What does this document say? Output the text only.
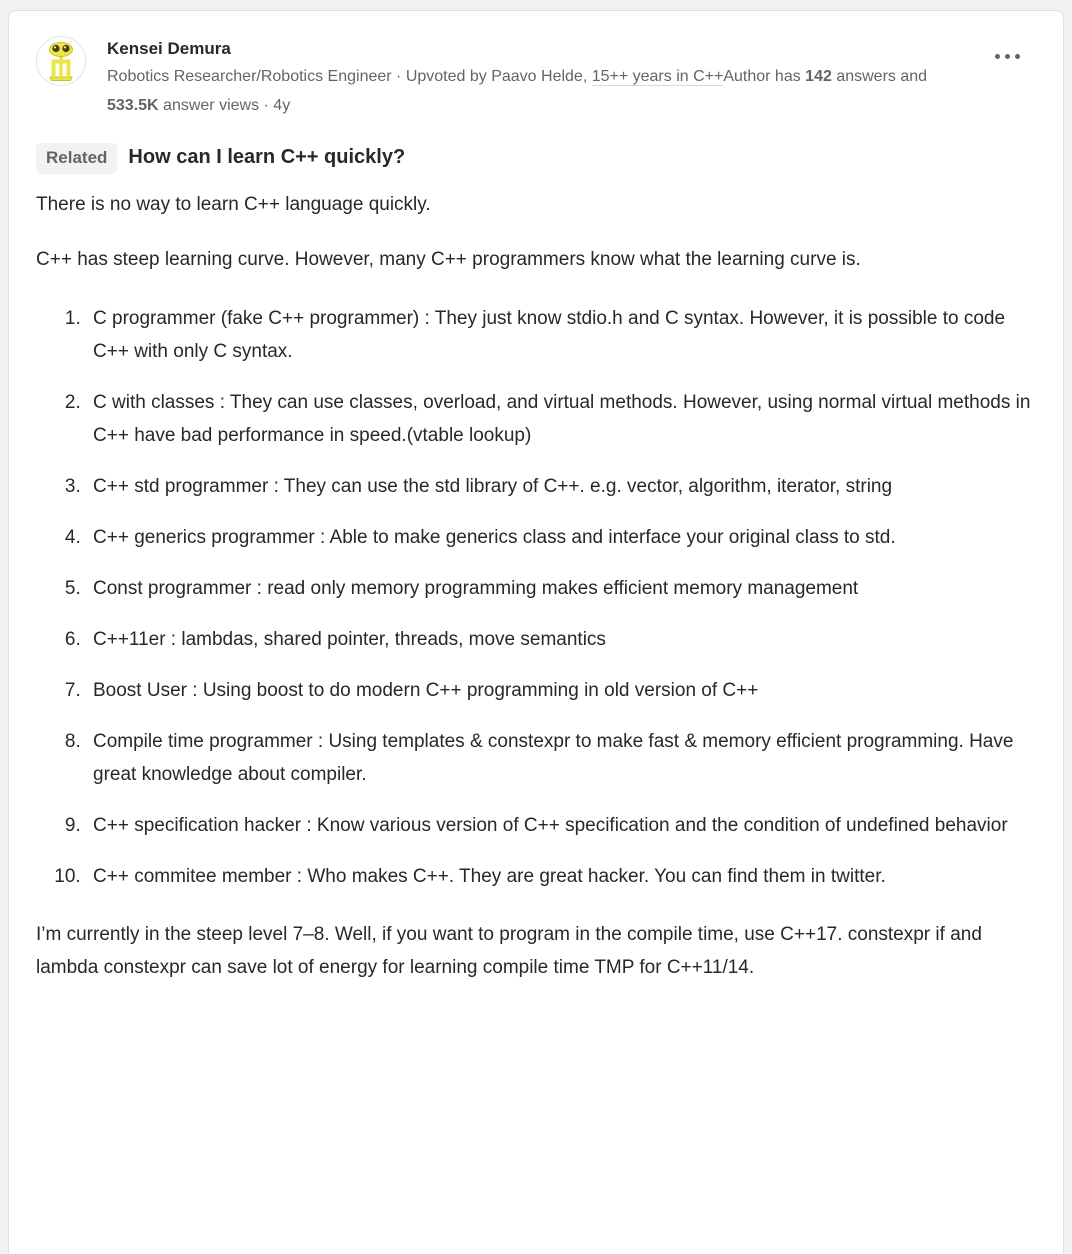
Kensei Demura
Robotics Researcher/Robotics Engineer · Upvoted by Paavo Helde, 15++ years in C++Author has 142 answers and 533.5K answer views · 4y
Related	How can I learn C++ quickly?

There is no way to learn C++ language quickly.

C++ has steep learning curve. However, many C++ programmers know what the learning curve is.

1. C programmer (fake C++ programmer) : They just know stdio.h and C syntax. However, it is possible to code C++ with only C syntax.
2. C with classes : They can use classes, overload, and virtual methods. However, using normal virtual methods in C++ have bad performance in speed.(vtable lookup)
3. C++ std programmer : They can use the std library of C++. e.g. vector, algorithm, iterator, string
4. C++ generics programmer : Able to make generics class and interface your original class to std.
5. Const programmer : read only memory programming makes efficient memory management
6. C++11er : lambdas, shared pointer, threads, move semantics
7. Boost User : Using boost to do modern C++ programming in old version of C++
8. Compile time programmer : Using templates & constexpr to make fast & memory efficient programming. Have great knowledge about compiler.
9. C++ specification hacker : Know various version of C++ specification and the condition of undefined behavior
10. C++ commitee member : Who makes C++. They are great hacker. You can find them in twitter.

I’m currently in the steep level 7–8. Well, if you want to program in the compile time, use C++17. constexpr if and lambda constexpr can save lot of energy for learning compile time TMP for C++11/14.
